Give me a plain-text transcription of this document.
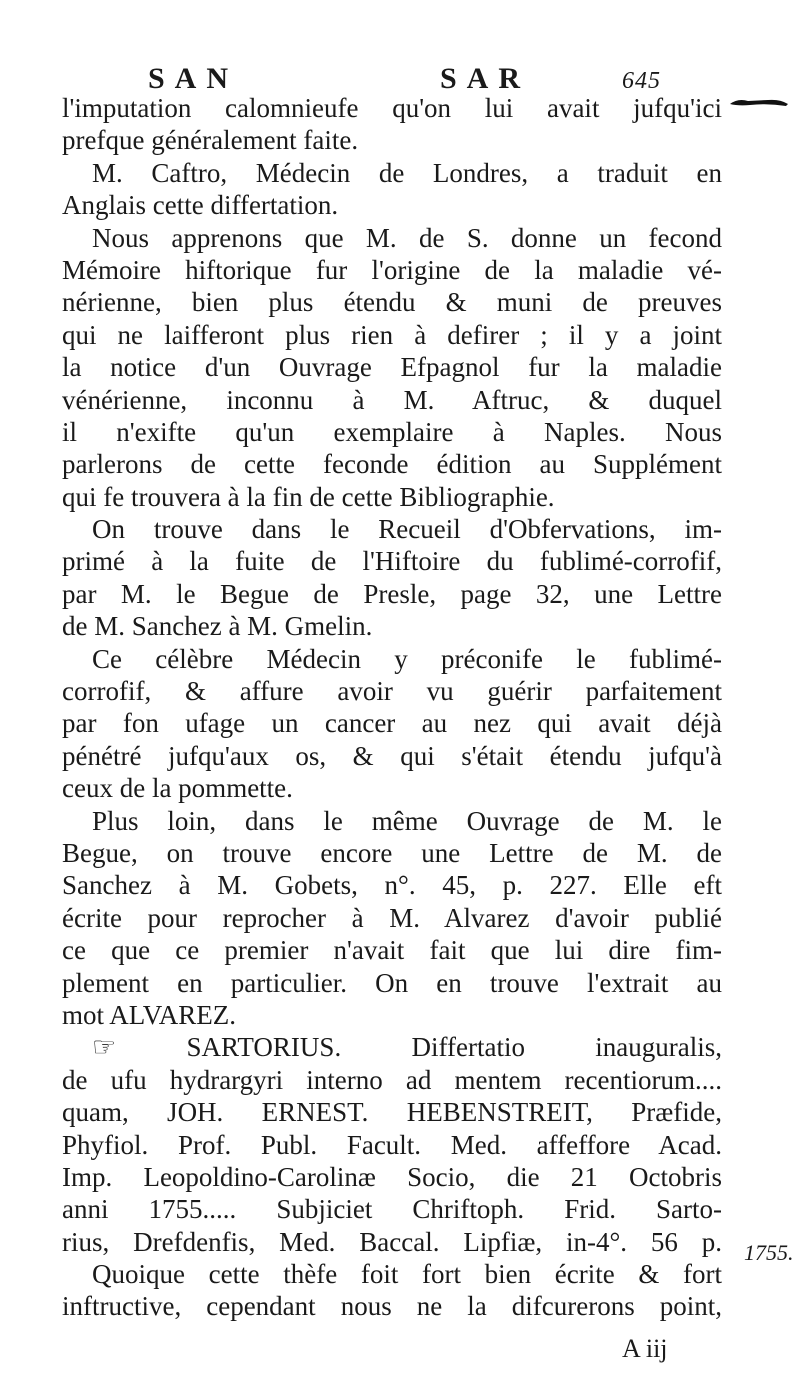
SAN	SAR	645
l'imputation calomnieufe qu'on lui avait jufqu'ici
prefque généralement faite.
M. Caftro, Médecin de Londres, a traduit en
Anglais cette differtation.
Nous apprenons que M. de S. donne un fecond
Mémoire hiftorique fur l'origine de la maladie vé-
nérienne, bien plus étendu & muni de preuves
qui ne laifferont plus rien à defirer ; il y a joint
la notice d'un Ouvrage Efpagnol fur la maladie
vénérienne, inconnu à M. Aftruc, & duquel
il n'exifte qu'un exemplaire à Naples. Nous
parlerons de cette feconde édition au Supplément
qui fe trouvera à la fin de cette Bibliographie.
On trouve dans le Recueil d'Obfervations, im-
primé à la fuite de l'Hiftoire du fublimé-corrofif,
par M. le Begue de Presle, page 32, une Lettre
de M. Sanchez à M. Gmelin.
Ce célèbre Médecin y préconife le fublimé-
corrofif, & affure avoir vu guérir parfaitement
par fon ufage un cancer au nez qui avait déjà
pénétré jufqu'aux os, & qui s'était étendu jufqu'à
ceux de la pommette.
Plus loin, dans le même Ouvrage de M. le
Begue, on trouve encore une Lettre de M. de
Sanchez à M. Gobets, n°. 45, p. 227. Elle eft
écrite pour reprocher à M. Alvarez d'avoir publié
ce que ce premier n'avait fait que lui dire fim-
plement en particulier. On en trouve l'extrait au
mot ALVAREZ.
☞ SARTORIUS. Differtatio inauguralis,
de ufu hydrargyri interno ad mentem recentiorum....
quam, JOH. ERNEST. HEBENSTREIT, Præfide,
Phyfiol. Prof. Publ. Facult. Med. affeffore Acad.
Imp. Leopoldino-Carolinæ Socio, die 21 Octobris
anni 1755..... Subjiciet Chriftoph. Frid. Sarto-
rius, Drefdenfis, Med. Baccal. Lipfiæ, in-4°. 56 p.
Quoique cette thèfe foit fort bien écrite & fort
inftructive, cependant nous ne la difcurerons point,
1755.
A iij
